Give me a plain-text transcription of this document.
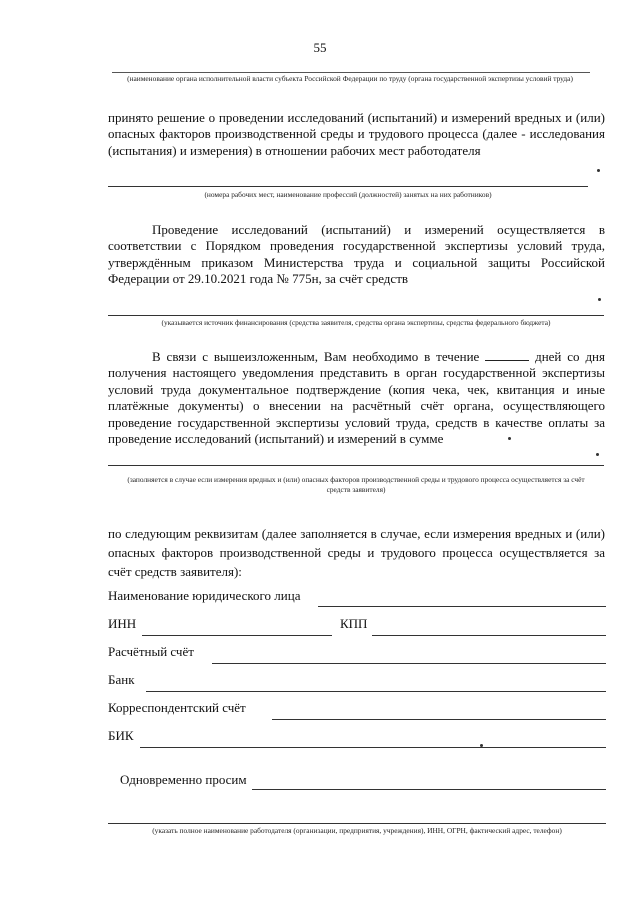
55
(наименование органа исполнительной власти субъекта Российской Федерации по труду (органа государственной экспертизы условий труда)
принято решение о проведении исследований (испытаний) и измерений вредных и (или) опасных факторов производственной среды и трудового процесса (далее - исследования (испытания) и измерения) в отношении рабочих мест работодателя
(номера рабочих мест, наименование профессий (должностей) занятых на них работников)
Проведение исследований (испытаний) и измерений осуществляется в соответствии с Порядком проведения государственной экспертизы условий труда, утверждённым приказом Министерства труда и социальной защиты Российской Федерации от 29.10.2021 года № 775н, за счёт средств
(указывается источник финансирования (средства заявителя, средства органа экспертизы, средства федерального бюджета)
В связи с вышеизложенным, Вам необходимо в течение	дней со дня получения настоящего уведомления представить в орган государственной экспертизы условий труда документальное подтверждение (копия чека, чек, квитанция и иные платёжные документы) о внесении на расчётный счёт органа, осуществляющего проведение государственной экспертизы условий труда, средств в качестве оплаты за проведение исследований (испытаний) и измерений в сумме
(заполняется в случае если измерения вредных и (или) опасных факторов производственной среды и трудового процесса осуществляется за счёт средств заявителя)
по следующим реквизитам (далее заполняется в случае, если измерения вредных и (или) опасных факторов производственной среды и трудового процесса осуществляется за счёт средств заявителя):
Наименование юридического лица
ИНН	КПП
Расчётный счёт
Банк
Корреспондентский счёт
БИК
Одновременно просим
(указать полное наименование работодателя (организации, предприятия, учреждения), ИНН, ОГРН, фактический адрес, телефон)
